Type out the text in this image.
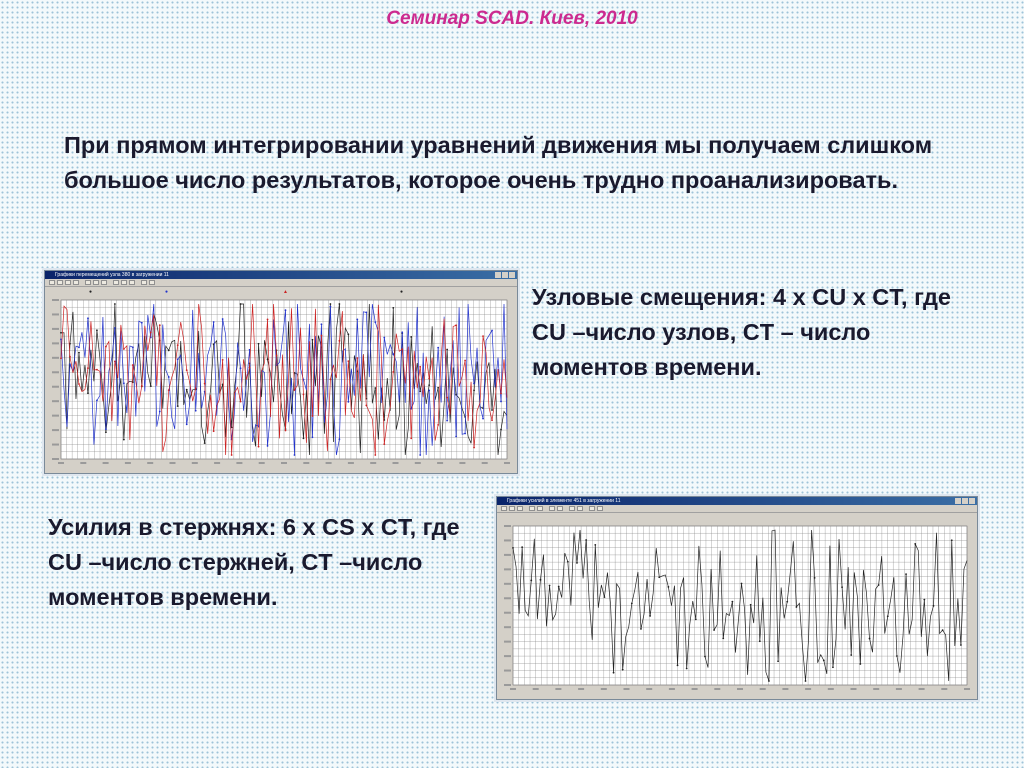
Семинар SCAD. Киев, 2010
При прямом интегрировании уравнений движения мы получаем слишком большое число результатов, которое очень трудно проанализировать.
Узловые смещения: 4 x CU x CT, где CU –число узлов, CT – число моментов времени.
Усилия в стержнях: 6 x CS x CT, где CU –число стержней, CT –число моментов времени.
Графики перемещений узла 380 в загружении 11
●	●	▲	●
Графики усилий в элементе 451 в загружении 11
